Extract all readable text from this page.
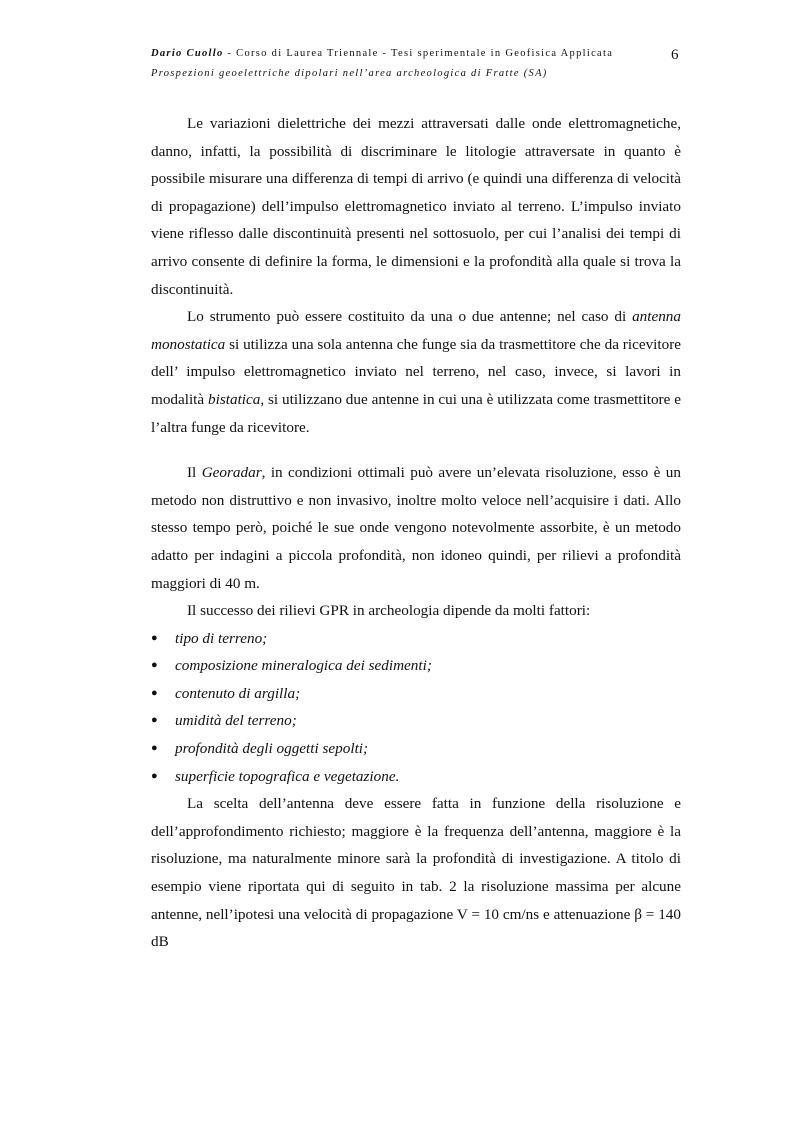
Dario Cuollo - Corso di Laurea Triennale - Tesi sperimentale in Geofisica Applicata
Prospezioni geoelettriche dipolari nell’area archeologica di Fratte (SA)
6

Le variazioni dielettriche dei mezzi attraversati dalle onde elettromagnetiche, danno, infatti, la possibilità di discriminare le litologie attraversate in quanto è possibile misurare una differenza di tempi di arrivo (e quindi una differenza di velocità di propagazione) dell’impulso elettromagnetico inviato al terreno. L’impulso inviato viene riflesso dalle discontinuità presenti nel sottosuolo, per cui l’analisi dei tempi di arrivo consente di definire la forma, le dimensioni e la profondità alla quale si trova la discontinuità.

Lo strumento può essere costituito da una o due antenne; nel caso di antenna monostatica si utilizza una sola antenna che funge sia da trasmettitore che da ricevitore dell’ impulso elettromagnetico inviato nel terreno, nel caso, invece, si lavori in modalità bistatica, si utilizzano due antenne in cui una è utilizzata come trasmettitore e l’altra funge da ricevitore.

Il Georadar, in condizioni ottimali può avere un’elevata risoluzione, esso è un metodo non distruttivo e non invasivo, inoltre molto veloce nell’acquisire i dati. Allo stesso tempo però, poiché le sue onde vengono notevolmente assorbite, è un metodo adatto per indagini a piccola profondità, non idoneo quindi, per rilievi a profondità maggiori di 40 m.

Il successo dei rilievi GPR in archeologia dipende da molti fattori:

● tipo di terreno;
● composizione mineralogica dei sedimenti;
● contenuto di argilla;
● umidità del terreno;
● profondità degli oggetti sepolti;
● superficie topografica e vegetazione.

La scelta dell’antenna deve essere fatta in funzione della risoluzione e dell’approfondimento richiesto; maggiore è la frequenza dell’antenna, maggiore è la risoluzione, ma naturalmente minore sarà la profondità di investigazione. A titolo di esempio viene riportata qui di seguito in tab. 2 la risoluzione massima per alcune antenne, nell’ipotesi una velocità di propagazione V = 10 cm/ns e attenuazione β = 140 dB
